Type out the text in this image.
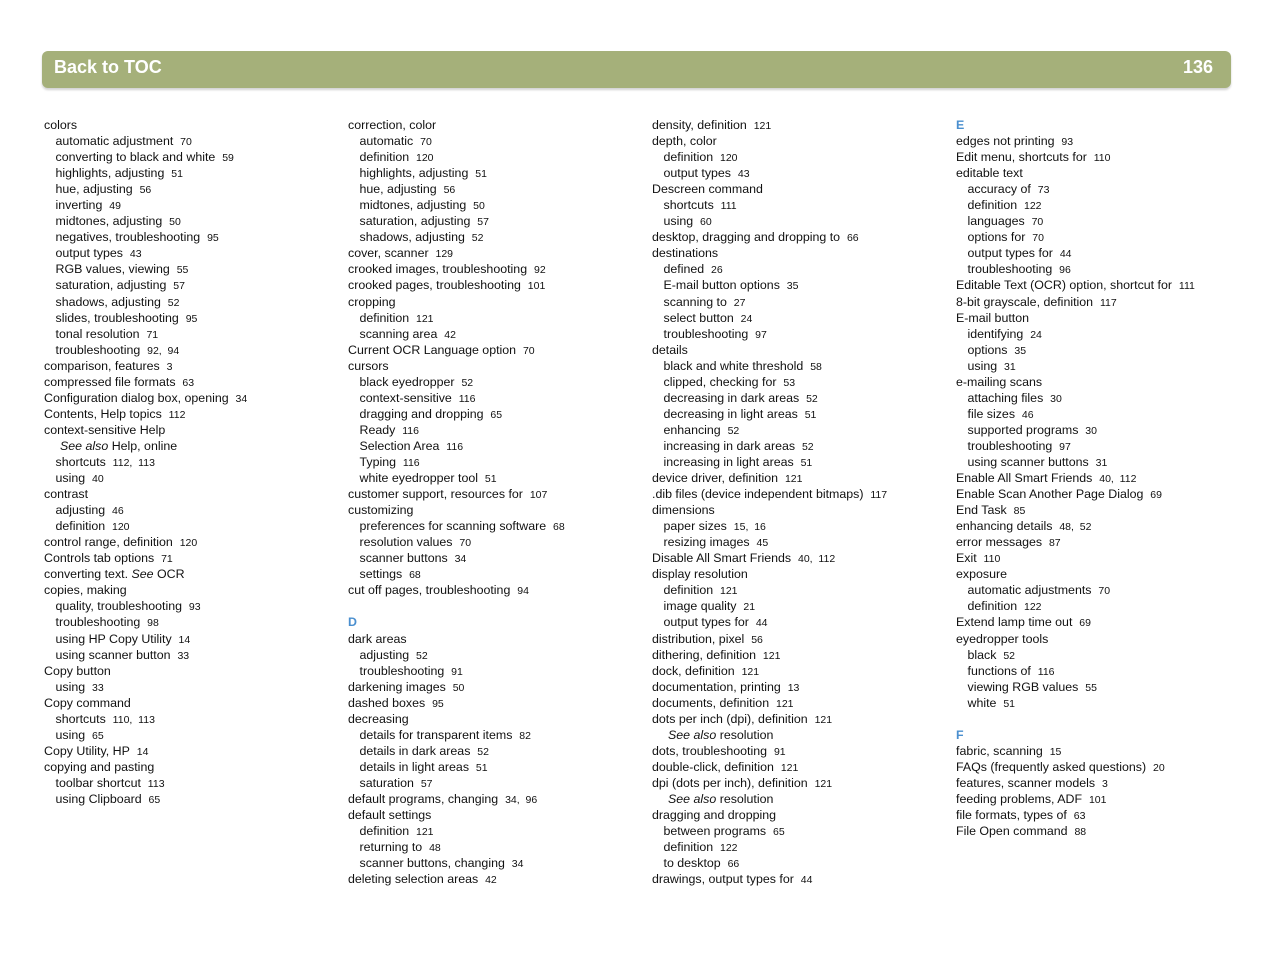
Back to TOC	136
colors
automatic adjustment 70
converting to black and white 59
highlights, adjusting 51
hue, adjusting 56
inverting 49
midtones, adjusting 50
negatives, troubleshooting 95
output types 43
RGB values, viewing 55
saturation, adjusting 57
shadows, adjusting 52
slides, troubleshooting 95
tonal resolution 71
troubleshooting 92,  94
comparison, features 3
compressed file formats 63
Configuration dialog box, opening 34
Contents, Help topics 112
context-sensitive Help
See also Help, online
shortcuts 112,  113
using 40
contrast
adjusting 46
definition 120
control range, definition 120
Controls tab options 71
converting text. See OCR
copies, making
quality, troubleshooting 93
troubleshooting 98
using HP Copy Utility 14
using scanner button 33
Copy button
using 33
Copy command
shortcuts 110,  113
using 65
Copy Utility, HP 14
copying and pasting
toolbar shortcut 113
using Clipboard 65
correction, color
automatic 70
definition 120
highlights, adjusting 51
hue, adjusting 56
midtones, adjusting 50
saturation, adjusting 57
shadows, adjusting 52
cover, scanner 129
crooked images, troubleshooting 92
crooked pages, troubleshooting 101
cropping
definition 121
scanning area 42
Current OCR Language option 70
cursors
black eyedropper 52
context-sensitive 116
dragging and dropping 65
Ready 116
Selection Area 116
Typing 116
white eyedropper tool 51
customer support, resources for 107
customizing
preferences for scanning software 68
resolution values 70
scanner buttons 34
settings 68
cut off pages, troubleshooting 94
D
dark areas
adjusting 52
troubleshooting 91
darkening images 50
dashed boxes 95
decreasing
details for transparent items 82
details in dark areas 52
details in light areas 51
saturation 57
default programs, changing 34,  96
default settings
definition 121
returning to 48
scanner buttons, changing 34
deleting selection areas 42
density, definition 121
depth, color
definition 120
output types 43
Descreen command
shortcuts 111
using 60
desktop, dragging and dropping to 66
destinations
defined 26
E-mail button options 35
scanning to 27
select button 24
troubleshooting 97
details
black and white threshold 58
clipped, checking for 53
decreasing in dark areas 52
decreasing in light areas 51
enhancing 52
increasing in dark areas 52
increasing in light areas 51
device driver, definition 121
.dib files (device independent bitmaps) 117
dimensions
paper sizes 15,  16
resizing images 45
Disable All Smart Friends 40,  112
display resolution
definition 121
image quality 21
output types for 44
distribution, pixel 56
dithering, definition 121
dock, definition 121
documentation, printing 13
documents, definition 121
dots per inch (dpi), definition 121
See also resolution
dots, troubleshooting 91
double-click, definition 121
dpi (dots per inch), definition 121
See also resolution
dragging and dropping
between programs 65
definition 122
to desktop 66
drawings, output types for 44
E
edges not printing 93
Edit menu, shortcuts for 110
editable text
accuracy of 73
definition 122
languages 70
options for 70
output types for 44
troubleshooting 96
Editable Text (OCR) option, shortcut for 111
8-bit grayscale, definition 117
E-mail button
identifying 24
options 35
using 31
e-mailing scans
attaching files 30
file sizes 46
supported programs 30
troubleshooting 97
using scanner buttons 31
Enable All Smart Friends 40,  112
Enable Scan Another Page Dialog 69
End Task 85
enhancing details 48,  52
error messages 87
Exit 110
exposure
automatic adjustments 70
definition 122
Extend lamp time out 69
eyedropper tools
black 52
functions of 116
viewing RGB values 55
white 51
F
fabric, scanning 15
FAQs (frequently asked questions) 20
features, scanner models 3
feeding problems, ADF 101
file formats, types of 63
File Open command 88
